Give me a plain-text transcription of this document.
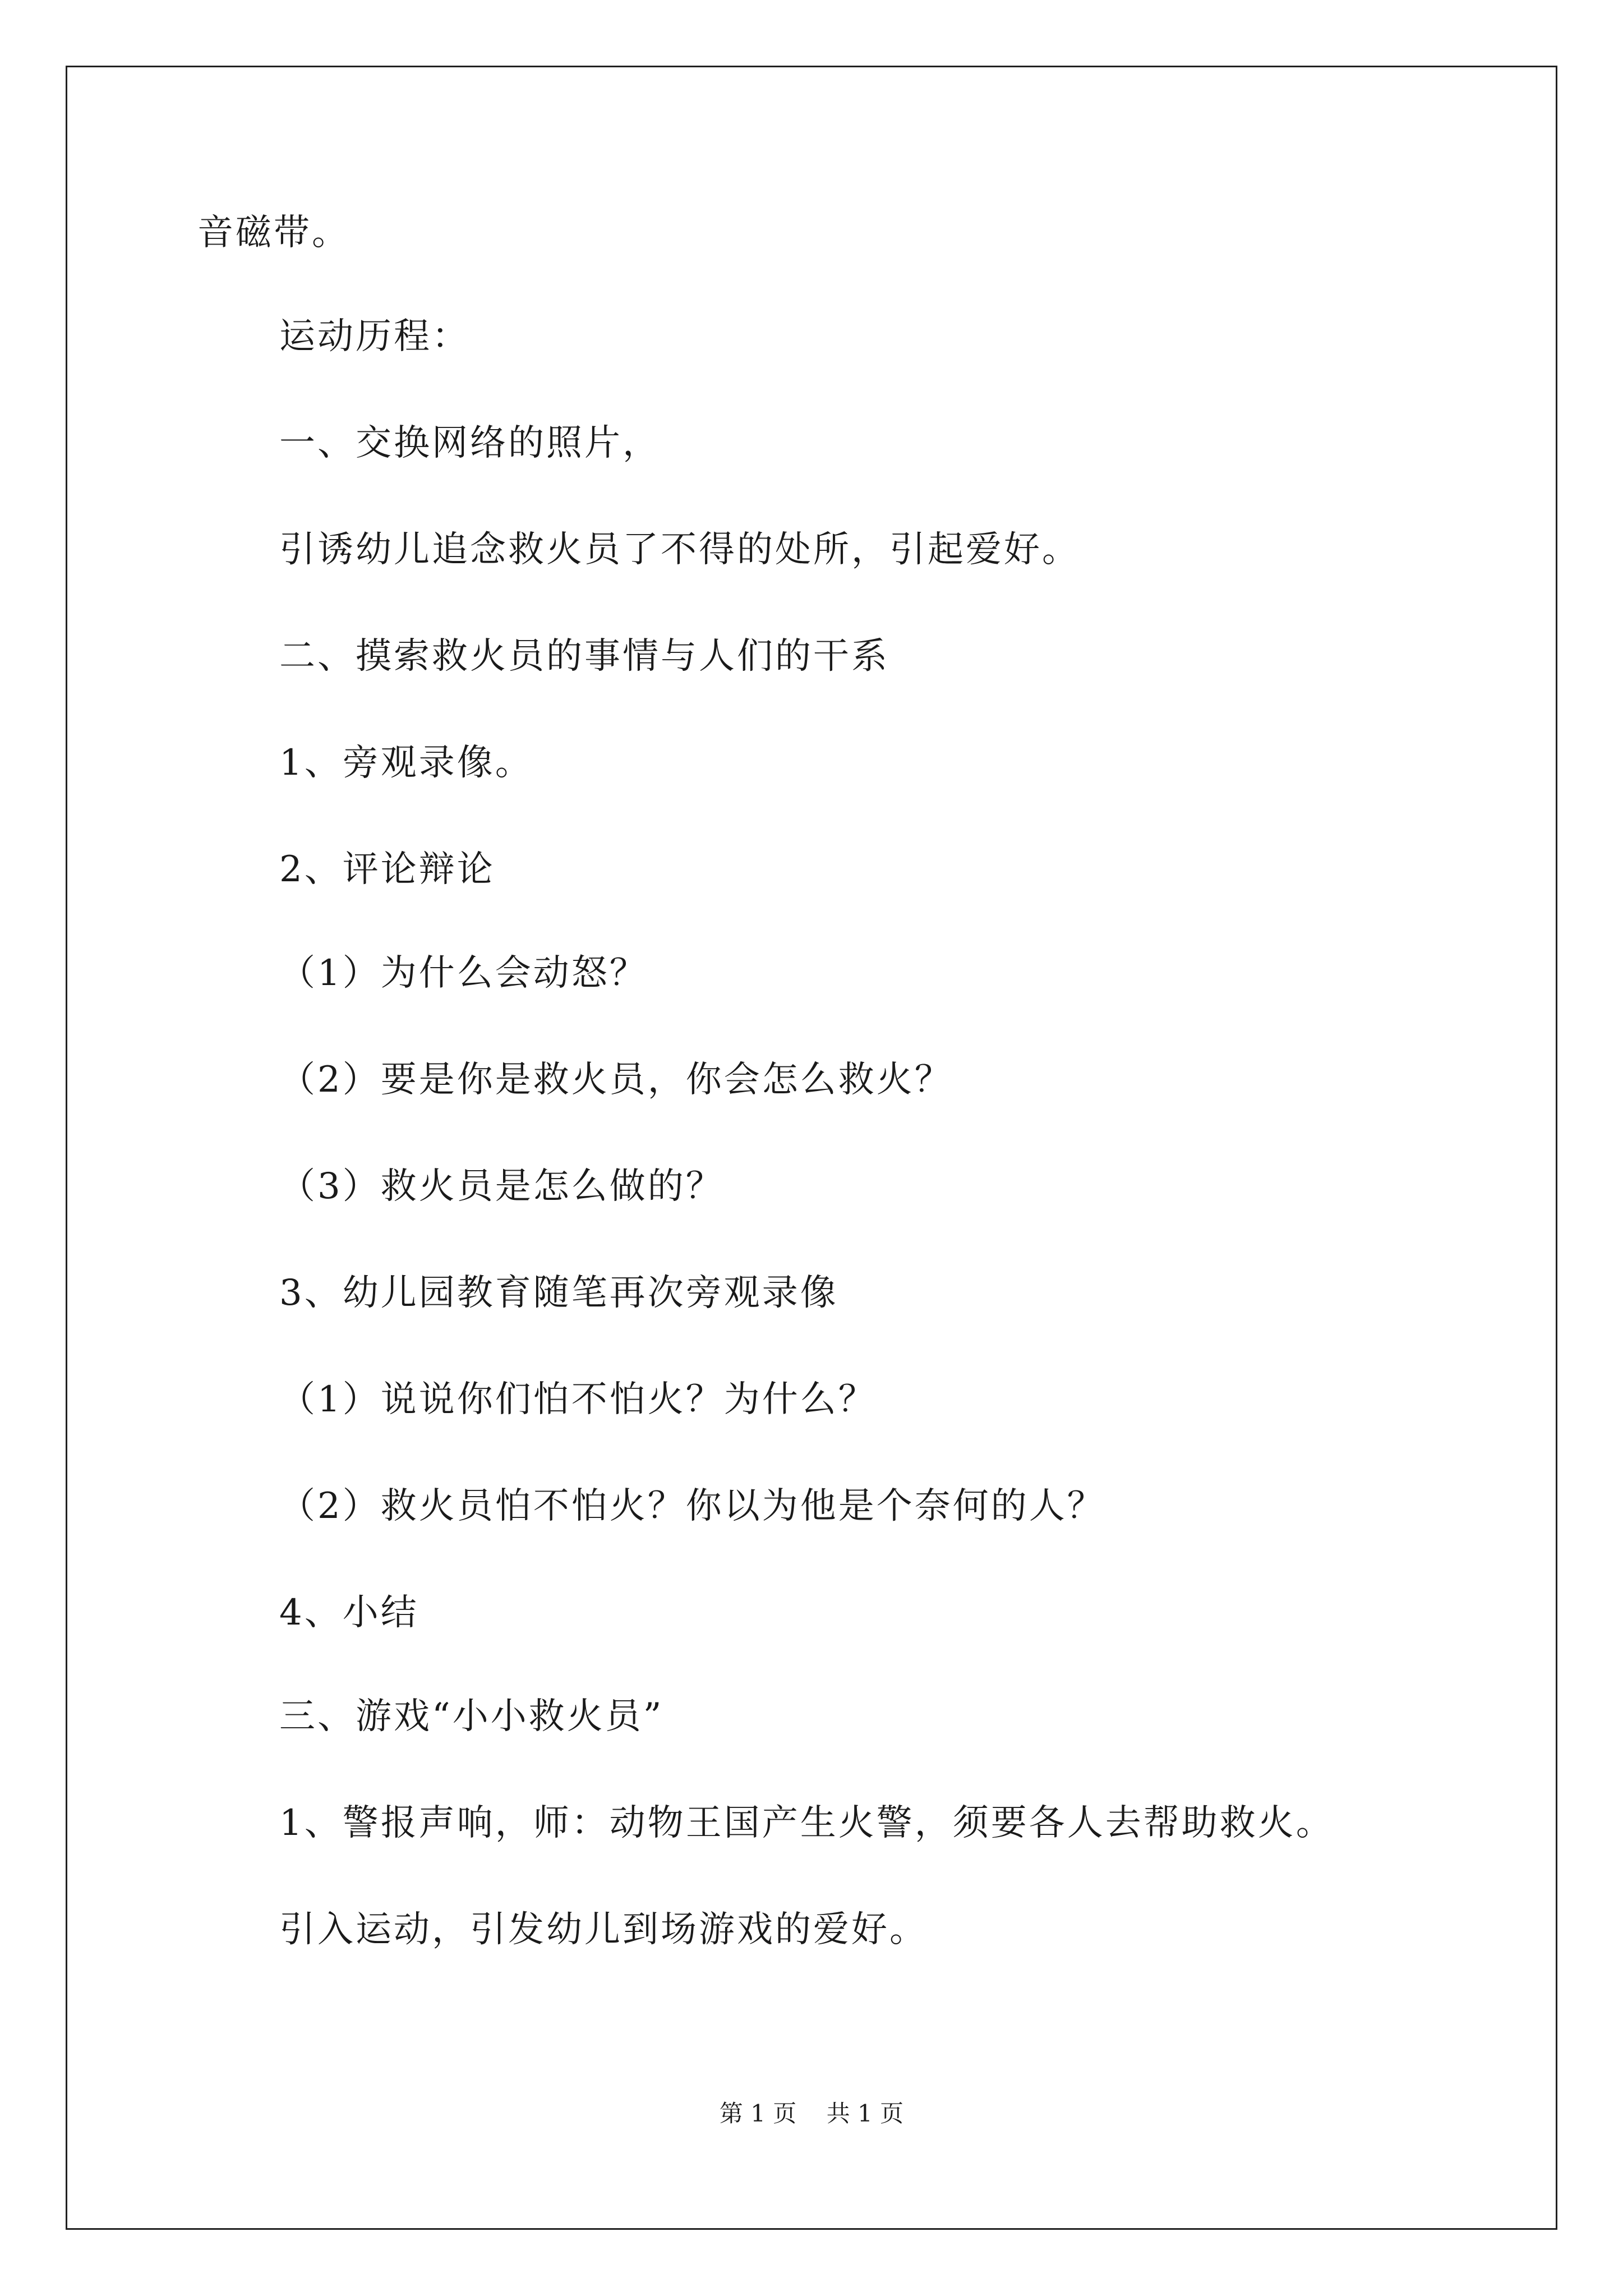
音磁带。
运动历程：
一、交换网络的照片，
引诱幼儿追念救火员了不得的处所，引起爱好。
二、摸索救火员的事情与人们的干系
1、旁观录像。
2、评论辩论
（1）为什么会动怒？
（2）要是你是救火员，你会怎么救火？
（3）救火员是怎么做的？
3、幼儿园教育随笔再次旁观录像
（1）说说你们怕不怕火？为什么？
（2）救火员怕不怕火？你以为他是个奈何的人？
4、小结
三、游戏“小小救火员”
1、警报声响，师：动物王国产生火警，须要各人去帮助救火。
引入运动，引发幼儿到场游戏的爱好。
第 1 页    共 1 页
